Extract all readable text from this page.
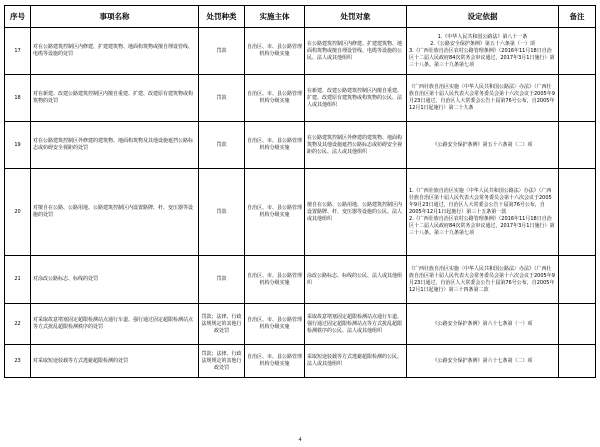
序号	事项名称	处罚种类	实施主体	处罚对象	设定依据	备注
17	对在公路建筑控制区内修建、扩建建筑物、地面构筑物或擅自埋设管线、电缆等设施的处罚	罚款	自治区、市、县公路管理机构分级实施	在公路建筑控制区内修建、扩建建筑物、地面构筑物或擅自埋设管线、电缆等设施的公民、法人或其他组织	1.《中华人民共和国公路法》第八十一条

2.《公路安全保护条例》第五十六条第（一）项

3.《广西壮族自治区农村公路管理条例》（2016年11月18日自治区十二届人民政府84次常务会审议通过，2017年3月1日施行）第三十八条、第三十九条第七项	

18	对在新建、改建公路建筑控制区内擅自重建、扩建、改建原有建筑物或构筑物的处罚	罚款	自治区、市、县公路管理机构分级实施	在新建、改建公路建筑控制区内擅自重建、扩建、改建原有建筑物或构筑物的公民、法人或其他组织	《广西壮族自治区实施〈中华人民共和国公路法〉办法》（广西壮族自治区第十届人民代表大会常务委员会第十六次会议于2005年9月23日通过，自治区人大常委会公告十届第76号公布，自2005年12月1日起施行）第二十九条	

19	对在公路建筑控制区外修建的建筑物、地面构筑物及其他设施遮挡公路标志或妨碍安全视距的处罚	罚款	自治区、市、县公路管理机构分级实施	在公路建筑控制区外修建的建筑物、地面构筑物及其他设施遮挡公路标志或妨碍安全视距的公民、法人或其他组织	《公路安全保护条例》第五十六条第（二）项	

20	对擅自在公路、公路用地、公路建筑控制区内设置路牌、杆、变压器等设施的处罚	罚款	自治区、市、县公路管理机构分级实施	擅自在公路、公路用地、公路建筑控制区内设置路牌、杆、变压器等设施的公民、法人或其他组织	1.《广西壮族自治区实施〈中华人民共和国公路法〉办法》（广西壮族自治区第十届人民代表大会常务委员会第十六次会议于2005年9月23日通过，自治区人大常委会公告十届第76号公布，自2005年12月1日起施行）第三十五条第一款

2.《广西壮族自治区农村公路管理条例》（2016年11月18日自治区十二届人民政府84次常务会审议通过，2017年3月1日施行）第三十八条、第三十九条第七项	

21	对涂改公路标志、标线的处罚	罚款	自治区、市、县公路管理机构分级实施	涂改公路标志、标线的公民、法人或其他组织	《广西壮族自治区实施〈中华人民共和国公路法〉办法》（广西壮族自治区第十届人民代表大会常务委员会第十六次会议于2005年9月23日通过，自治区人大常委会公告十届第76号公布，自2005年12月1日起施行）第三十四条第二款	

22	对采取故意堵塞固定超限检测站点通行车道、强行通过固定超限检测站点等方式扰乱超限检测秩序的处罚	罚款；法律、行政法规规定的其他行政处罚	自治区、市、县公路管理机构分级实施	采取故意堵塞固定超限检测站点通行车道、强行通过固定超限检测站点等方式扰乱超限检测秩序的公民、法人或其他组织	《公路安全保护条例》第六十七条第（一）项	

23	对采取短途驳载等方式逃避超限检测的处罚	罚款；法律、行政法规规定的其他行政处罚	自治区、市、县公路管理机构分级实施	采取短途驳载等方式逃避超限检测的公民、法人或其他组织	《公路安全保护条例》第六十七条第（二）项	

4
